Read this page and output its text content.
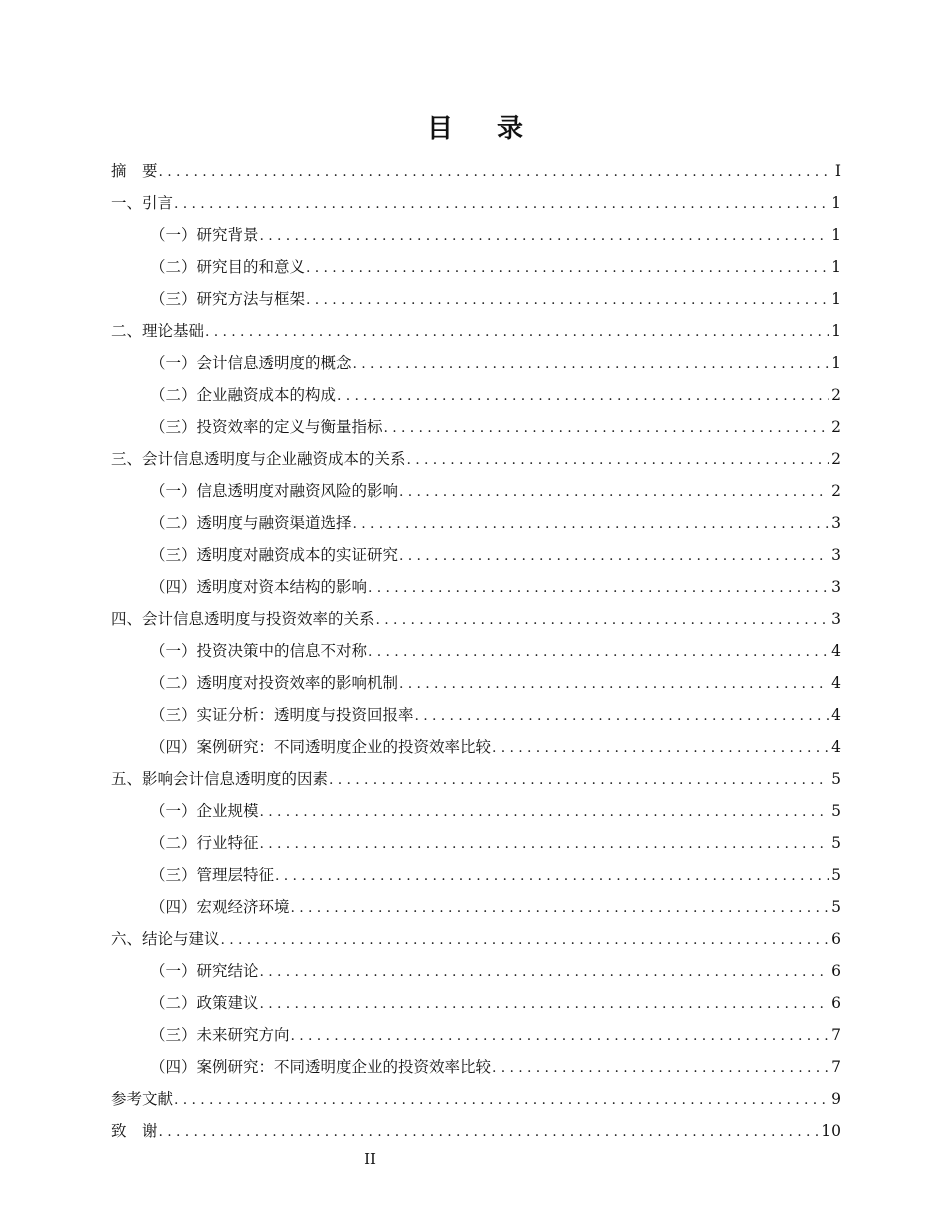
目 录
摘　要 .....	I
一、引言 .....	1
（一）研究背景 .....	1
（二）研究目的和意义 .....	1
（三）研究方法与框架 .....	1
二、理论基础 .....	1
（一）会计信息透明度的概念 .....	1
（二）企业融资成本的构成 .....	2
（三）投资效率的定义与衡量指标 .....	2
三、会计信息透明度与企业融资成本的关系 .....	2
（一）信息透明度对融资风险的影响 .....	2
（二）透明度与融资渠道选择 .....	3
（三）透明度对融资成本的实证研究 .....	3
（四）透明度对资本结构的影响 .....	3
四、会计信息透明度与投资效率的关系 .....	3
（一）投资决策中的信息不对称 .....	4
（二）透明度对投资效率的影响机制 .....	4
（三）实证分析：透明度与投资回报率 .....	4
（四）案例研究：不同透明度企业的投资效率比较 .....	4
五、影响会计信息透明度的因素 .....	5
（一）企业规模 .....	5
（二）行业特征 .....	5
（三）管理层特征 .....	5
（四）宏观经济环境 .....	5
六、结论与建议 .....	6
（一）研究结论 .....	6
（二）政策建议 .....	6
（三）未来研究方向 .....	7
（四）案例研究：不同透明度企业的投资效率比较 .....	7
参考文献 .....	9
致　谢 .....	10
II
